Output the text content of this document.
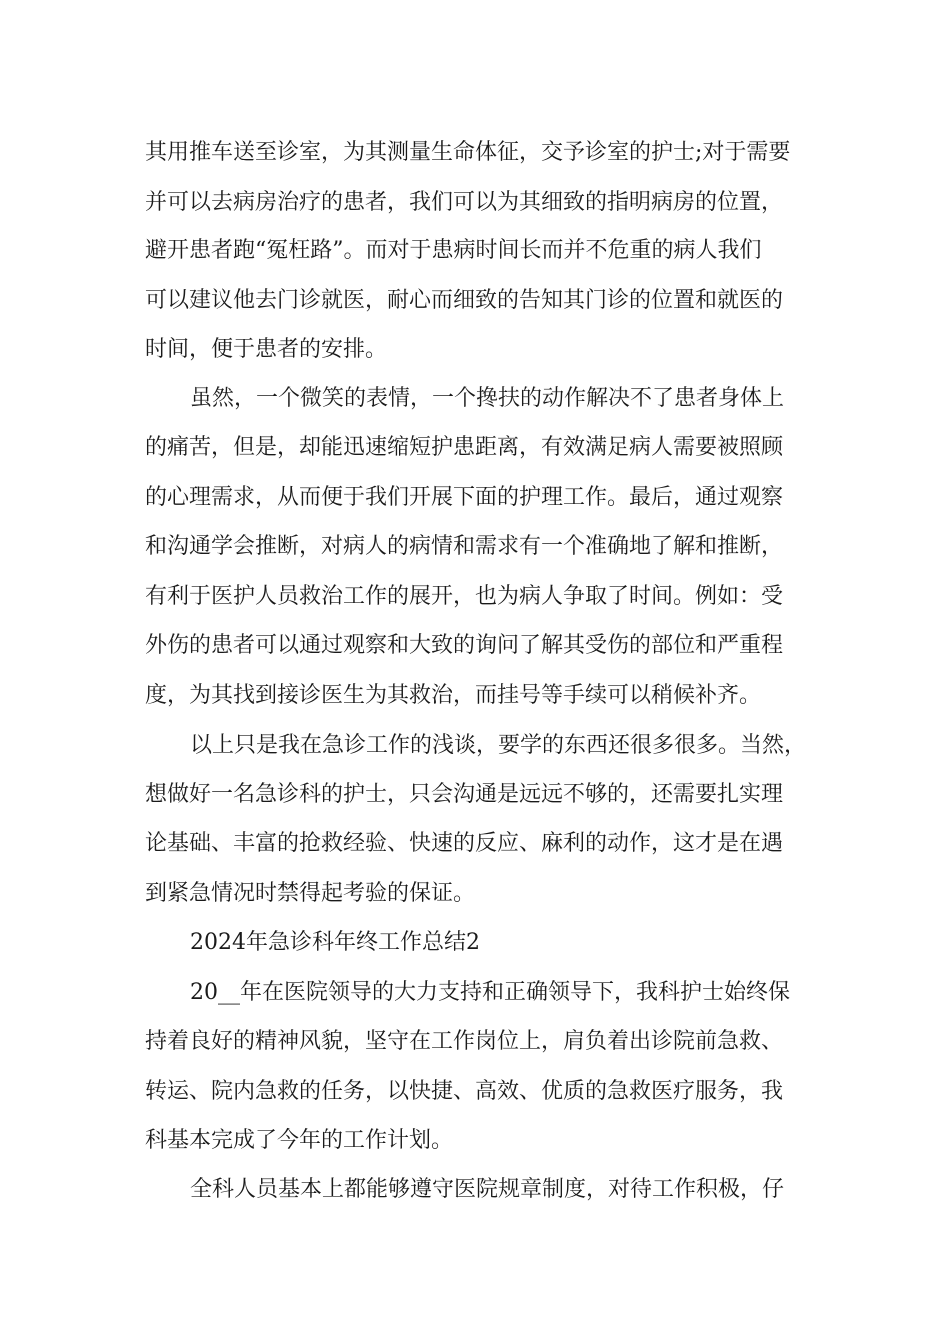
其用推车送至诊室，为其测量生命体征，交予诊室的护士;对于需要

并可以去病房治疗的患者，我们可以为其细致的指明病房的位置，

避开患者跑“冤枉路”。而对于患病时间长而并不危重的病人我们

可以建议他去门诊就医，耐心而细致的告知其门诊的位置和就医的

时间，便于患者的安排。

虽然，一个微笑的表情，一个搀扶的动作解决不了患者身体上

的痛苦，但是，却能迅速缩短护患距离，有效满足病人需要被照顾

的心理需求，从而便于我们开展下面的护理工作。最后，通过观察

和沟通学会推断，对病人的病情和需求有一个准确地了解和推断，

有利于医护人员救治工作的展开，也为病人争取了时间。例如：受

外伤的患者可以通过观察和大致的询问了解其受伤的部位和严重程

度，为其找到接诊医生为其救治，而挂号等手续可以稍候补齐。

以上只是我在急诊工作的浅谈，要学的东西还很多很多。当然，

想做好一名急诊科的护士，只会沟通是远远不够的，还需要扎实理

论基础、丰富的抢救经验、快速的反应、麻利的动作，这才是在遇

到紧急情况时禁得起考验的保证。

2024年急诊科年终工作总结2

20__年在医院领导的大力支持和正确领导下，我科护士始终保

持着良好的精神风貌，坚守在工作岗位上，肩负着出诊院前急救、

转运、院内急救的任务，以快捷、高效、优质的急救医疗服务，我

科基本完成了今年的工作计划。

全科人员基本上都能够遵守医院规章制度，对待工作积极，仔
